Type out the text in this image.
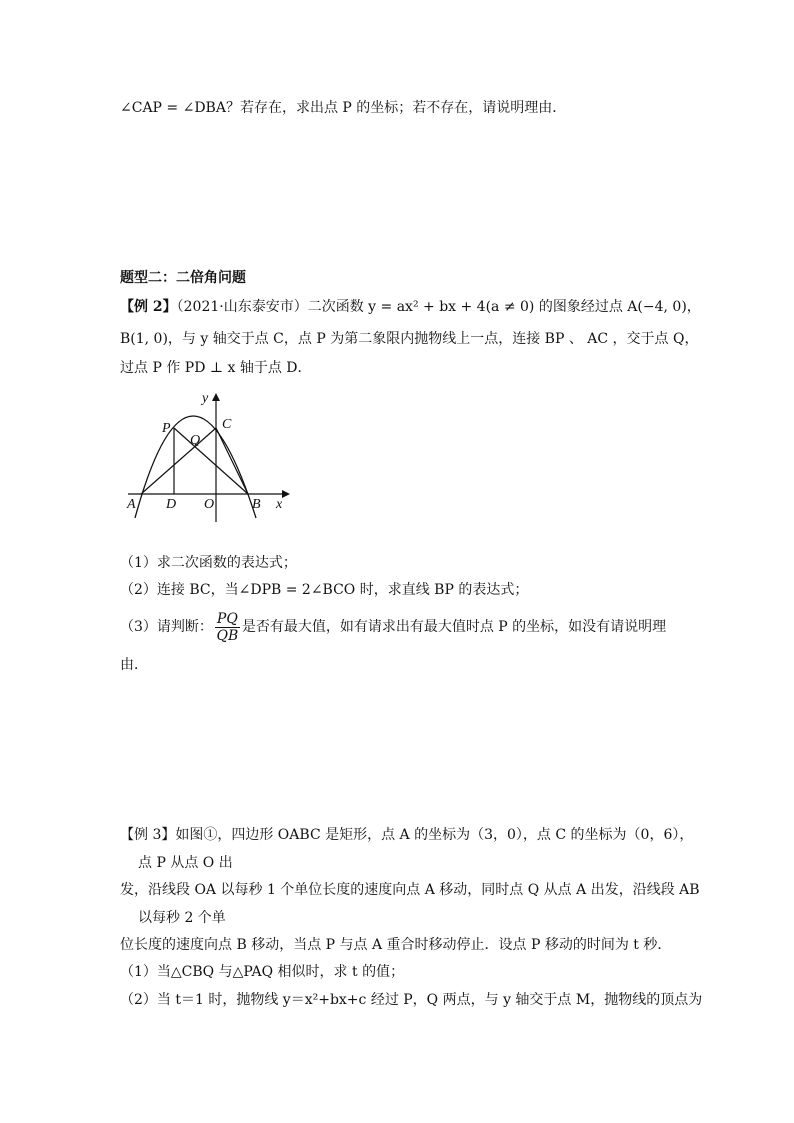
∠CAP = ∠DBA？若存在，求出点 P 的坐标；若不存在，请说明理由．
题型二：二倍角问题
【例 2】（2021·山东泰安市）二次函数 y = ax² + bx + 4(a ≠ 0) 的图象经过点 A(−4, 0)，
B(1, 0)，与 y 轴交于点 C，点 P 为第二象限内抛物线上一点，连接 BP 、 AC ，交于点 Q，
过点 P 作 PD ⊥ x 轴于点 D．
y
P	C
Q
A D O	B x
（1）求二次函数的表达式；
（2）连接 BC，当∠DPB = 2∠BCO 时，求直线 BP 的表达式；
（3）请判断： $\frac{PQ}{QB}$ 是否有最大值，如有请求出有最大值时点 P 的坐标，如没有请说明理
由．
【例 3】如图①，四边形 OABC 是矩形，点 A 的坐标为（3，0），点 C 的坐标为（0，6），
点 P 从点 O 出
发，沿线段 OA 以每秒 1 个单位长度的速度向点 A 移动，同时点 Q 从点 A 出发，沿线段 AB
以每秒 2 个单
位长度的速度向点 B 移动，当点 P 与点 A 重合时移动停止．设点 P 移动的时间为 t 秒．
（1）当△CBQ 与△PAQ 相似时，求 t 的值；
（2）当 t＝1 时，抛物线 y＝x²+bx+c 经过 P，Q 两点，与 y 轴交于点 M，抛物线的顶点为
